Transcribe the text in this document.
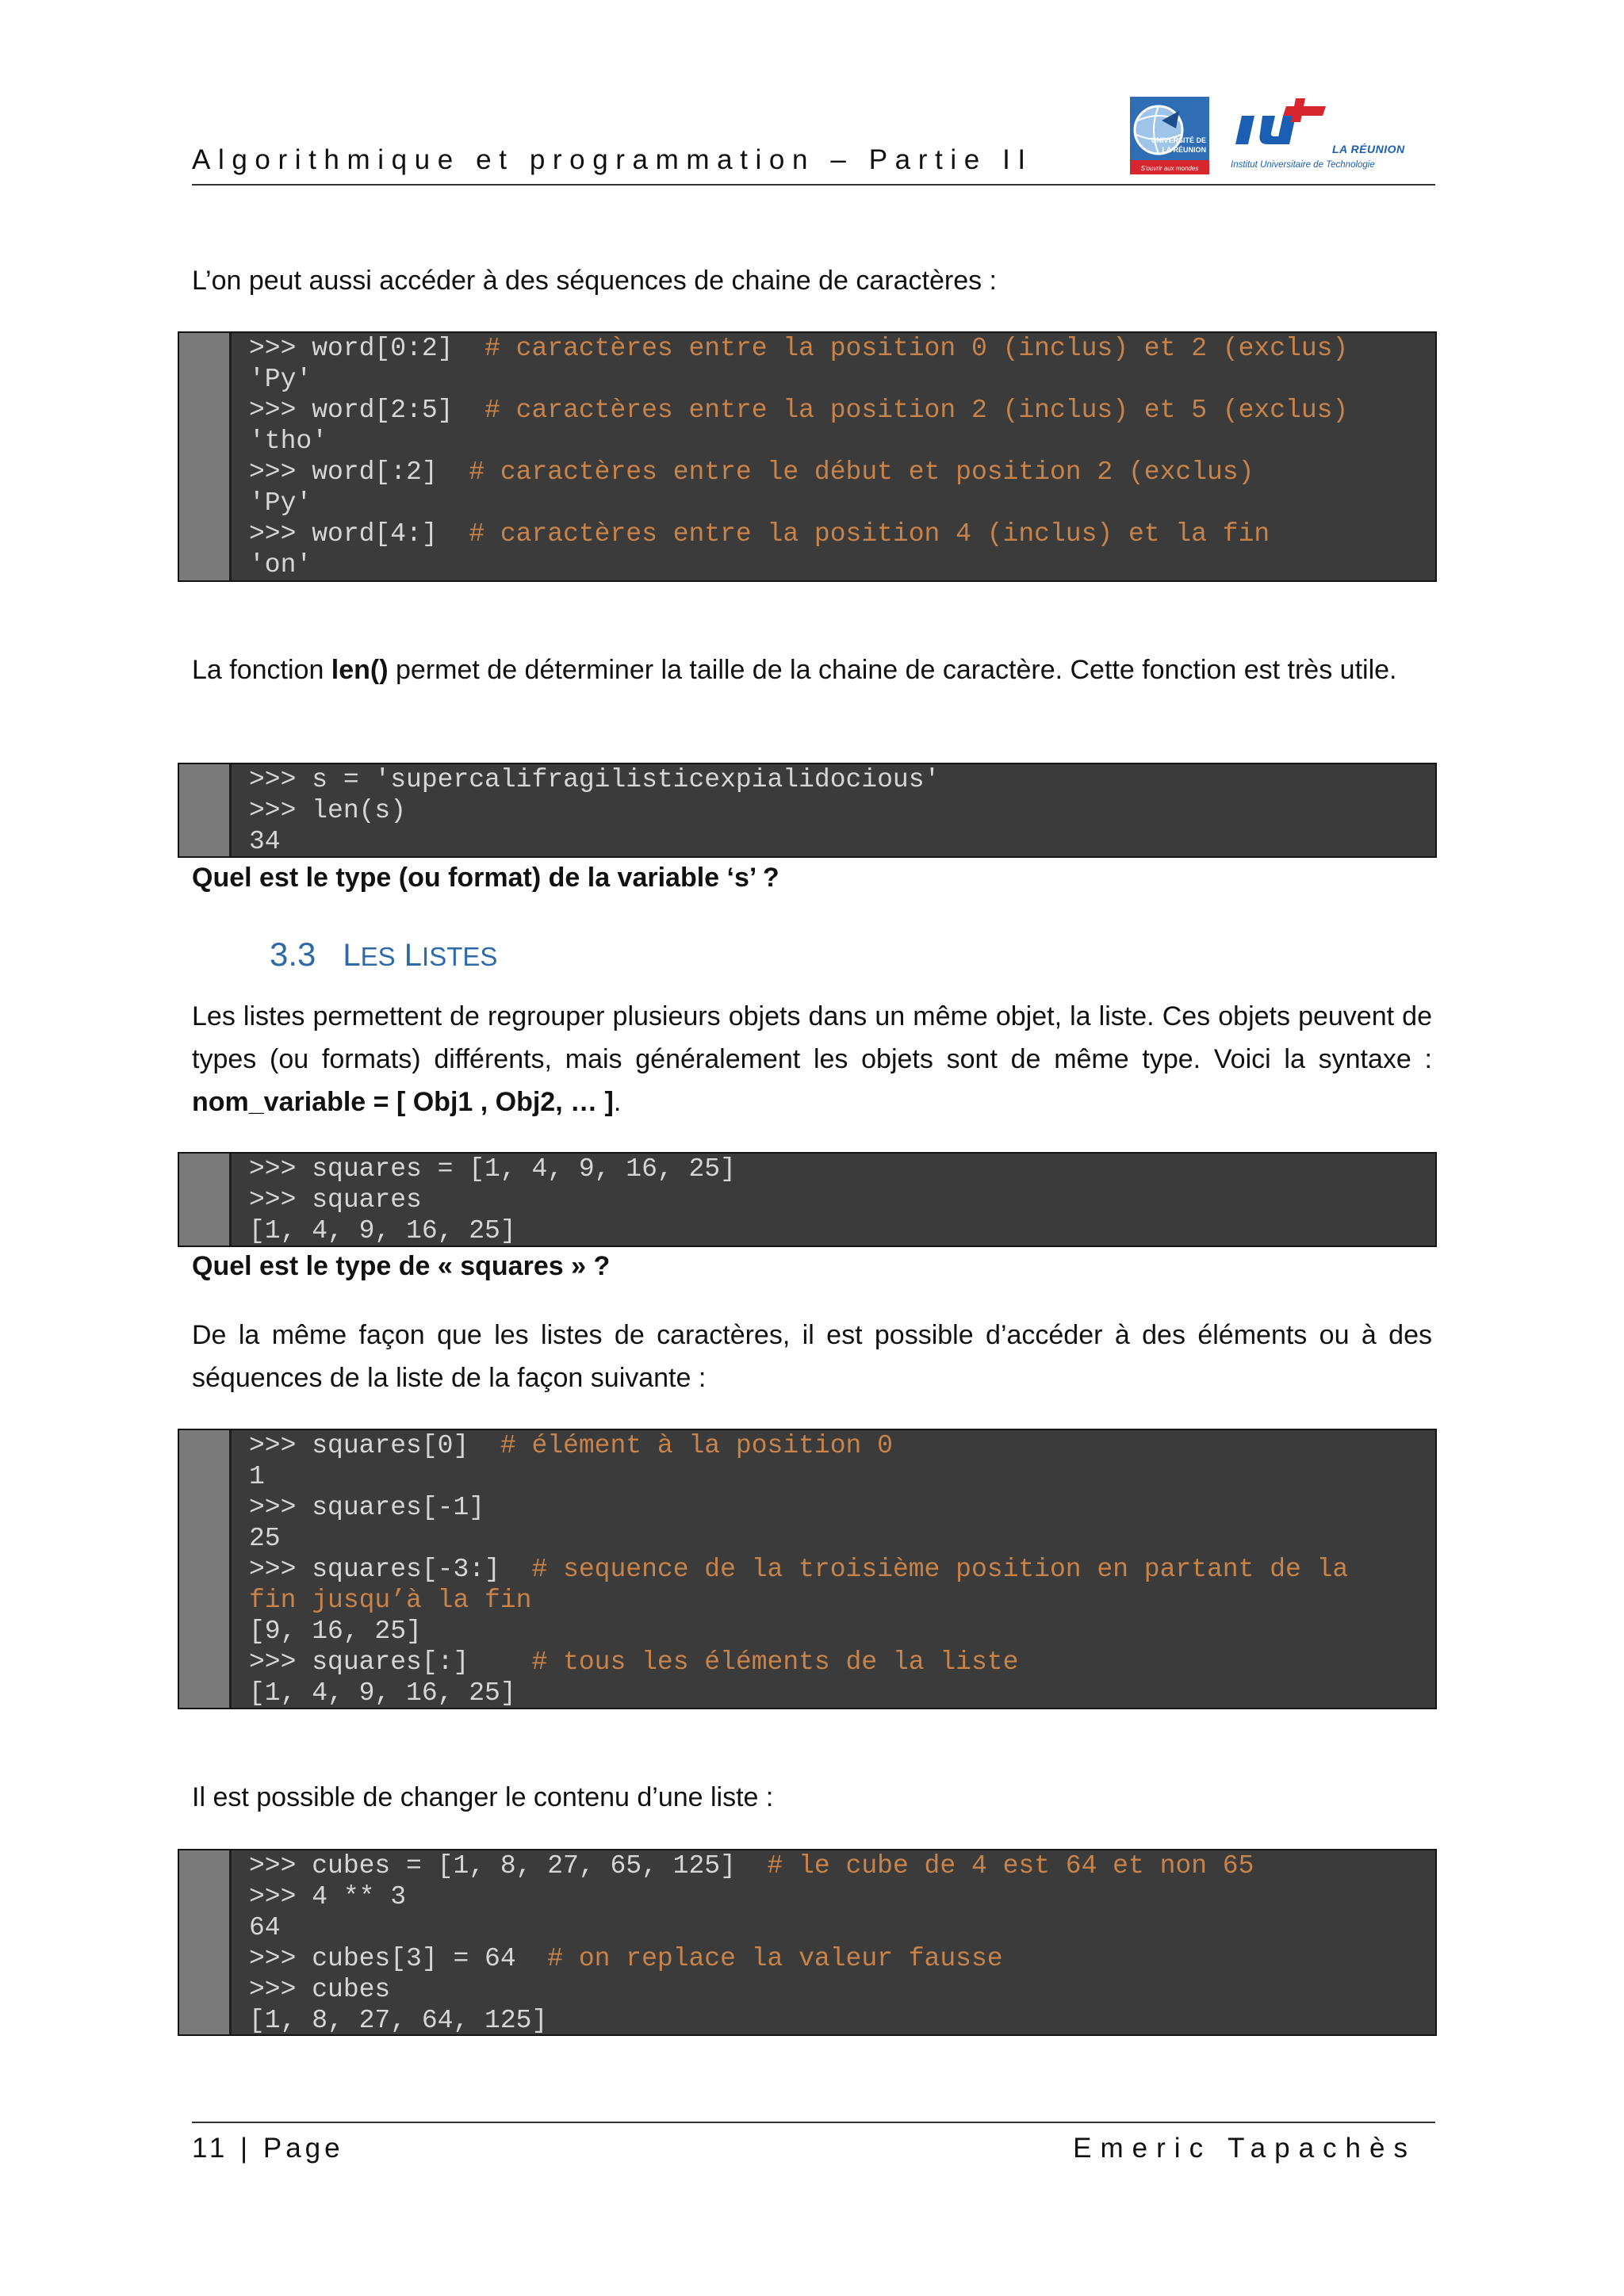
Algorithmique et programmation – Partie II
UNIVERSITÉ DE
LA RÉUNION
S'ouvrir aux mondes
LA RÉUNION
Institut Universitaire de Technologie
L’on peut aussi accéder à des séquences de chaine de caractères :
>>> word[0:2]  # caractères entre la position 0 (inclus) et 2 (exclus)
'Py'
>>> word[2:5]  # caractères entre la position 2 (inclus) et 5 (exclus)
'tho'
>>> word[:2]  # caractères entre le début et position 2 (exclus)
'Py'
>>> word[4:]  # caractères entre la position 4 (inclus) et la fin
'on'
La fonction len() permet de déterminer la taille de la chaine de caractère. Cette fonction est très utile.
>>> s = 'supercalifragilisticexpialidocious'
>>> len(s)
34
Quel est le type (ou format) de la variable ‘s’ ?
3.3 LES LISTES
Les listes permettent de regrouper plusieurs objets dans un même objet, la liste. Ces objets peuvent de types (ou formats) différents, mais généralement les objets sont de même type. Voici la syntaxe : nom_variable = [ Obj1 , Obj2, … ].
>>> squares = [1, 4, 9, 16, 25]
>>> squares
[1, 4, 9, 16, 25]
Quel est le type de « squares » ?
De la même façon que les listes de caractères, il est possible d’accéder à des éléments ou à des séquences de la liste de la façon suivante :
>>> squares[0]  # élément à la position 0
1
>>> squares[-1]
25
>>> squares[-3:]  # sequence de la troisième position en partant de la
fin jusqu’à la fin
[9, 16, 25]
>>> squares[:]    # tous les éléments de la liste
[1, 4, 9, 16, 25]
Il est possible de changer le contenu d’une liste :
>>> cubes = [1, 8, 27, 65, 125]  # le cube de 4 est 64 et non 65
>>> 4 ** 3
64
>>> cubes[3] = 64  # on replace la valeur fausse
>>> cubes
[1, 8, 27, 64, 125]
11 | Page	Emeric Tapachès
